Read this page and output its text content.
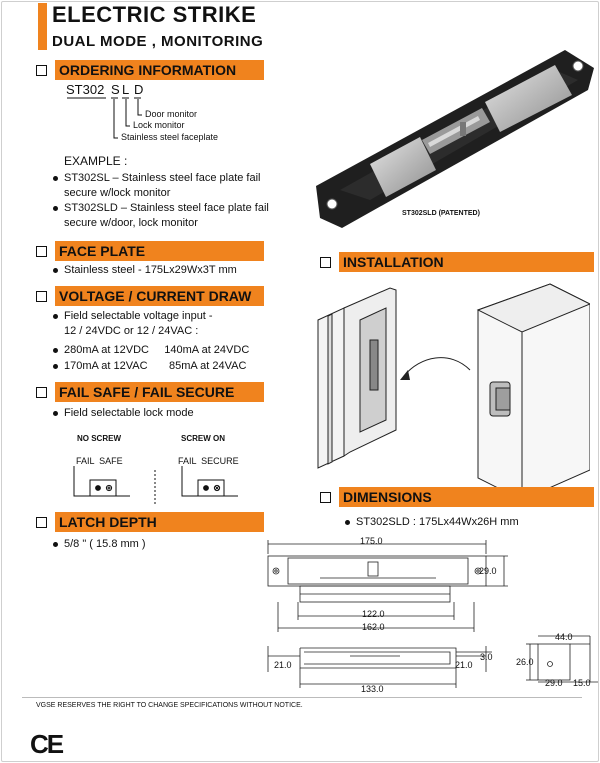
ELECTRIC STRIKE
DUAL MODE , MONITORING
ORDERING INFORMATION
ST302 S L D
Door monitor
Lock monitor
Stainless steel faceplate
EXAMPLE :
ST302SL – Stainless steel face plate fail
secure w/lock monitor
ST302SLD – Stainless steel face plate fail
secure w/door, lock monitor
FACE PLATE
Stainless steel - 175Lx29Wx3T mm
VOLTAGE / CURRENT DRAW
Field selectable voltage input -
12 / 24VDC or 12 / 24VAC :
280mA at 12VDC     140mA at 24VDC
170mA at 12VAC       85mA at 24VAC
FAIL SAFE / FAIL SECURE
Field selectable lock mode
NO SCREW	SCREW ON
FAIL  SAFE	FAIL  SECURE
LATCH DEPTH
5/8 " ( 15.8 mm )
ST302SLD (PATENTED)
INSTALLATION
DIMENSIONS
ST302SLD : 175Lx44Wx26H mm
175.0
29.0
122.0
162.0
21.0	21.0
3.0
133.0
44.0
26.0
29.0 15.0
VGSE RESERVES THE RIGHT TO CHANGE SPECIFICATIONS WITHOUT NOTICE.
CE
